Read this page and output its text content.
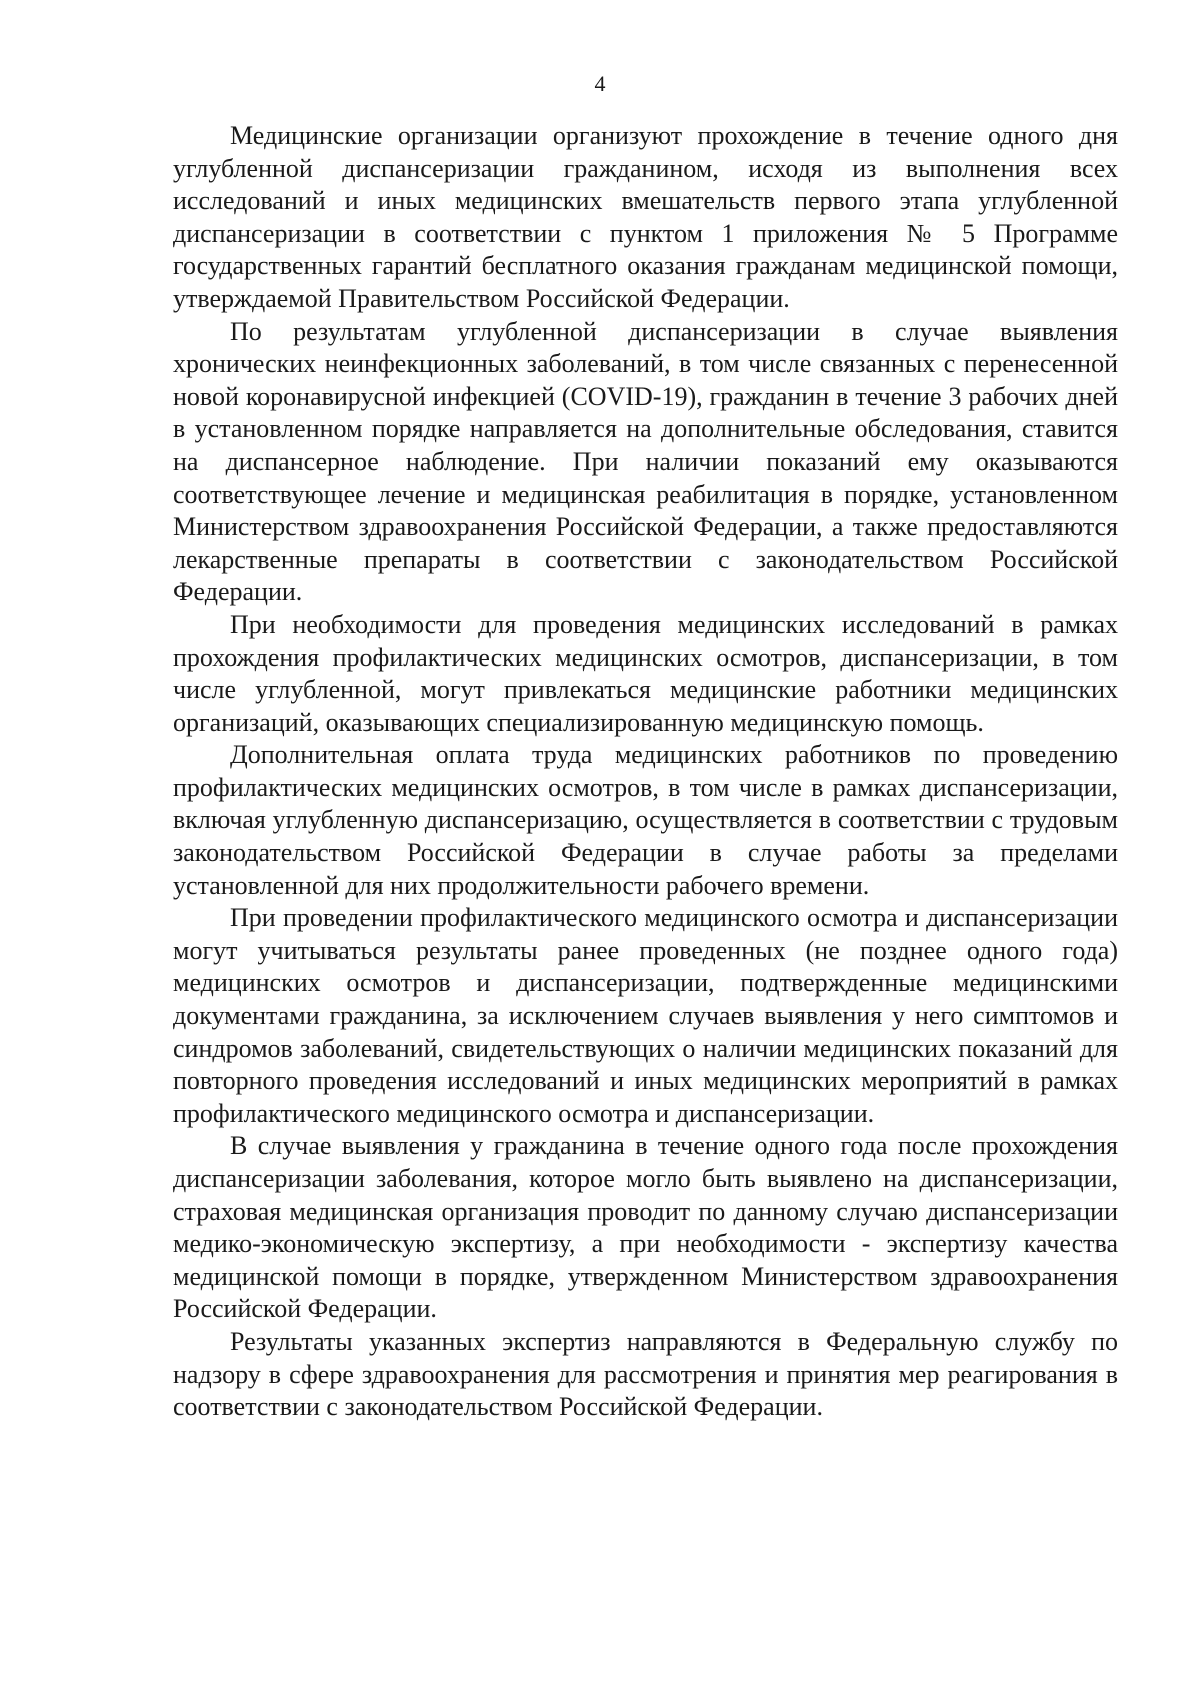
4

Медицинские организации организуют прохождение в течение одного дня углубленной диспансеризации гражданином, исходя из выполнения всех исследований и иных медицинских вмешательств первого этапа углубленной диспансеризации в соответствии с пунктом 1 приложения № 5 Программе государственных гарантий бесплатного оказания гражданам медицинской помощи, утверждаемой Правительством Российской Федерации.

По результатам углубленной диспансеризации в случае выявления хронических неинфекционных заболеваний, в том числе связанных с перенесенной новой коронавирусной инфекцией (COVID-19), гражданин в течение 3 рабочих дней в установленном порядке направляется на дополнительные обследования, ставится на диспансерное наблюдение. При наличии показаний ему оказываются соответствующее лечение и медицинская реабилитация в порядке, установленном Министерством здравоохранения Российской Федерации, а также предоставляются лекарственные препараты в соответствии с законодательством Российской Федерации.

При необходимости для проведения медицинских исследований в рамках прохождения профилактических медицинских осмотров, диспансеризации, в том числе углубленной, могут привлекаться медицинские работники медицинских организаций, оказывающих специализированную медицинскую помощь.

Дополнительная оплата труда медицинских работников по проведению профилактических медицинских осмотров, в том числе в рамках диспансеризации, включая углубленную диспансеризацию, осуществляется в соответствии с трудовым законодательством Российской Федерации в случае работы за пределами установленной для них продолжительности рабочего времени.

При проведении профилактического медицинского осмотра и диспансеризации могут учитываться результаты ранее проведенных (не позднее одного года) медицинских осмотров и диспансеризации, подтвержденные медицинскими документами гражданина, за исключением случаев выявления у него симптомов и синдромов заболеваний, свидетельствующих о наличии медицинских показаний для повторного проведения исследований и иных медицинских мероприятий в рамках профилактического медицинского осмотра и диспансеризации.

В случае выявления у гражданина в течение одного года после прохождения диспансеризации заболевания, которое могло быть выявлено на диспансеризации, страховая медицинская организация проводит по данному случаю диспансеризации медико-экономическую экспертизу, а при необходимости - экспертизу качества медицинской помощи в порядке, утвержденном Министерством здравоохранения Российской Федерации.

Результаты указанных экспертиз направляются в Федеральную службу по надзору в сфере здравоохранения для рассмотрения и принятия мер реагирования в соответствии с законодательством Российской Федерации.
